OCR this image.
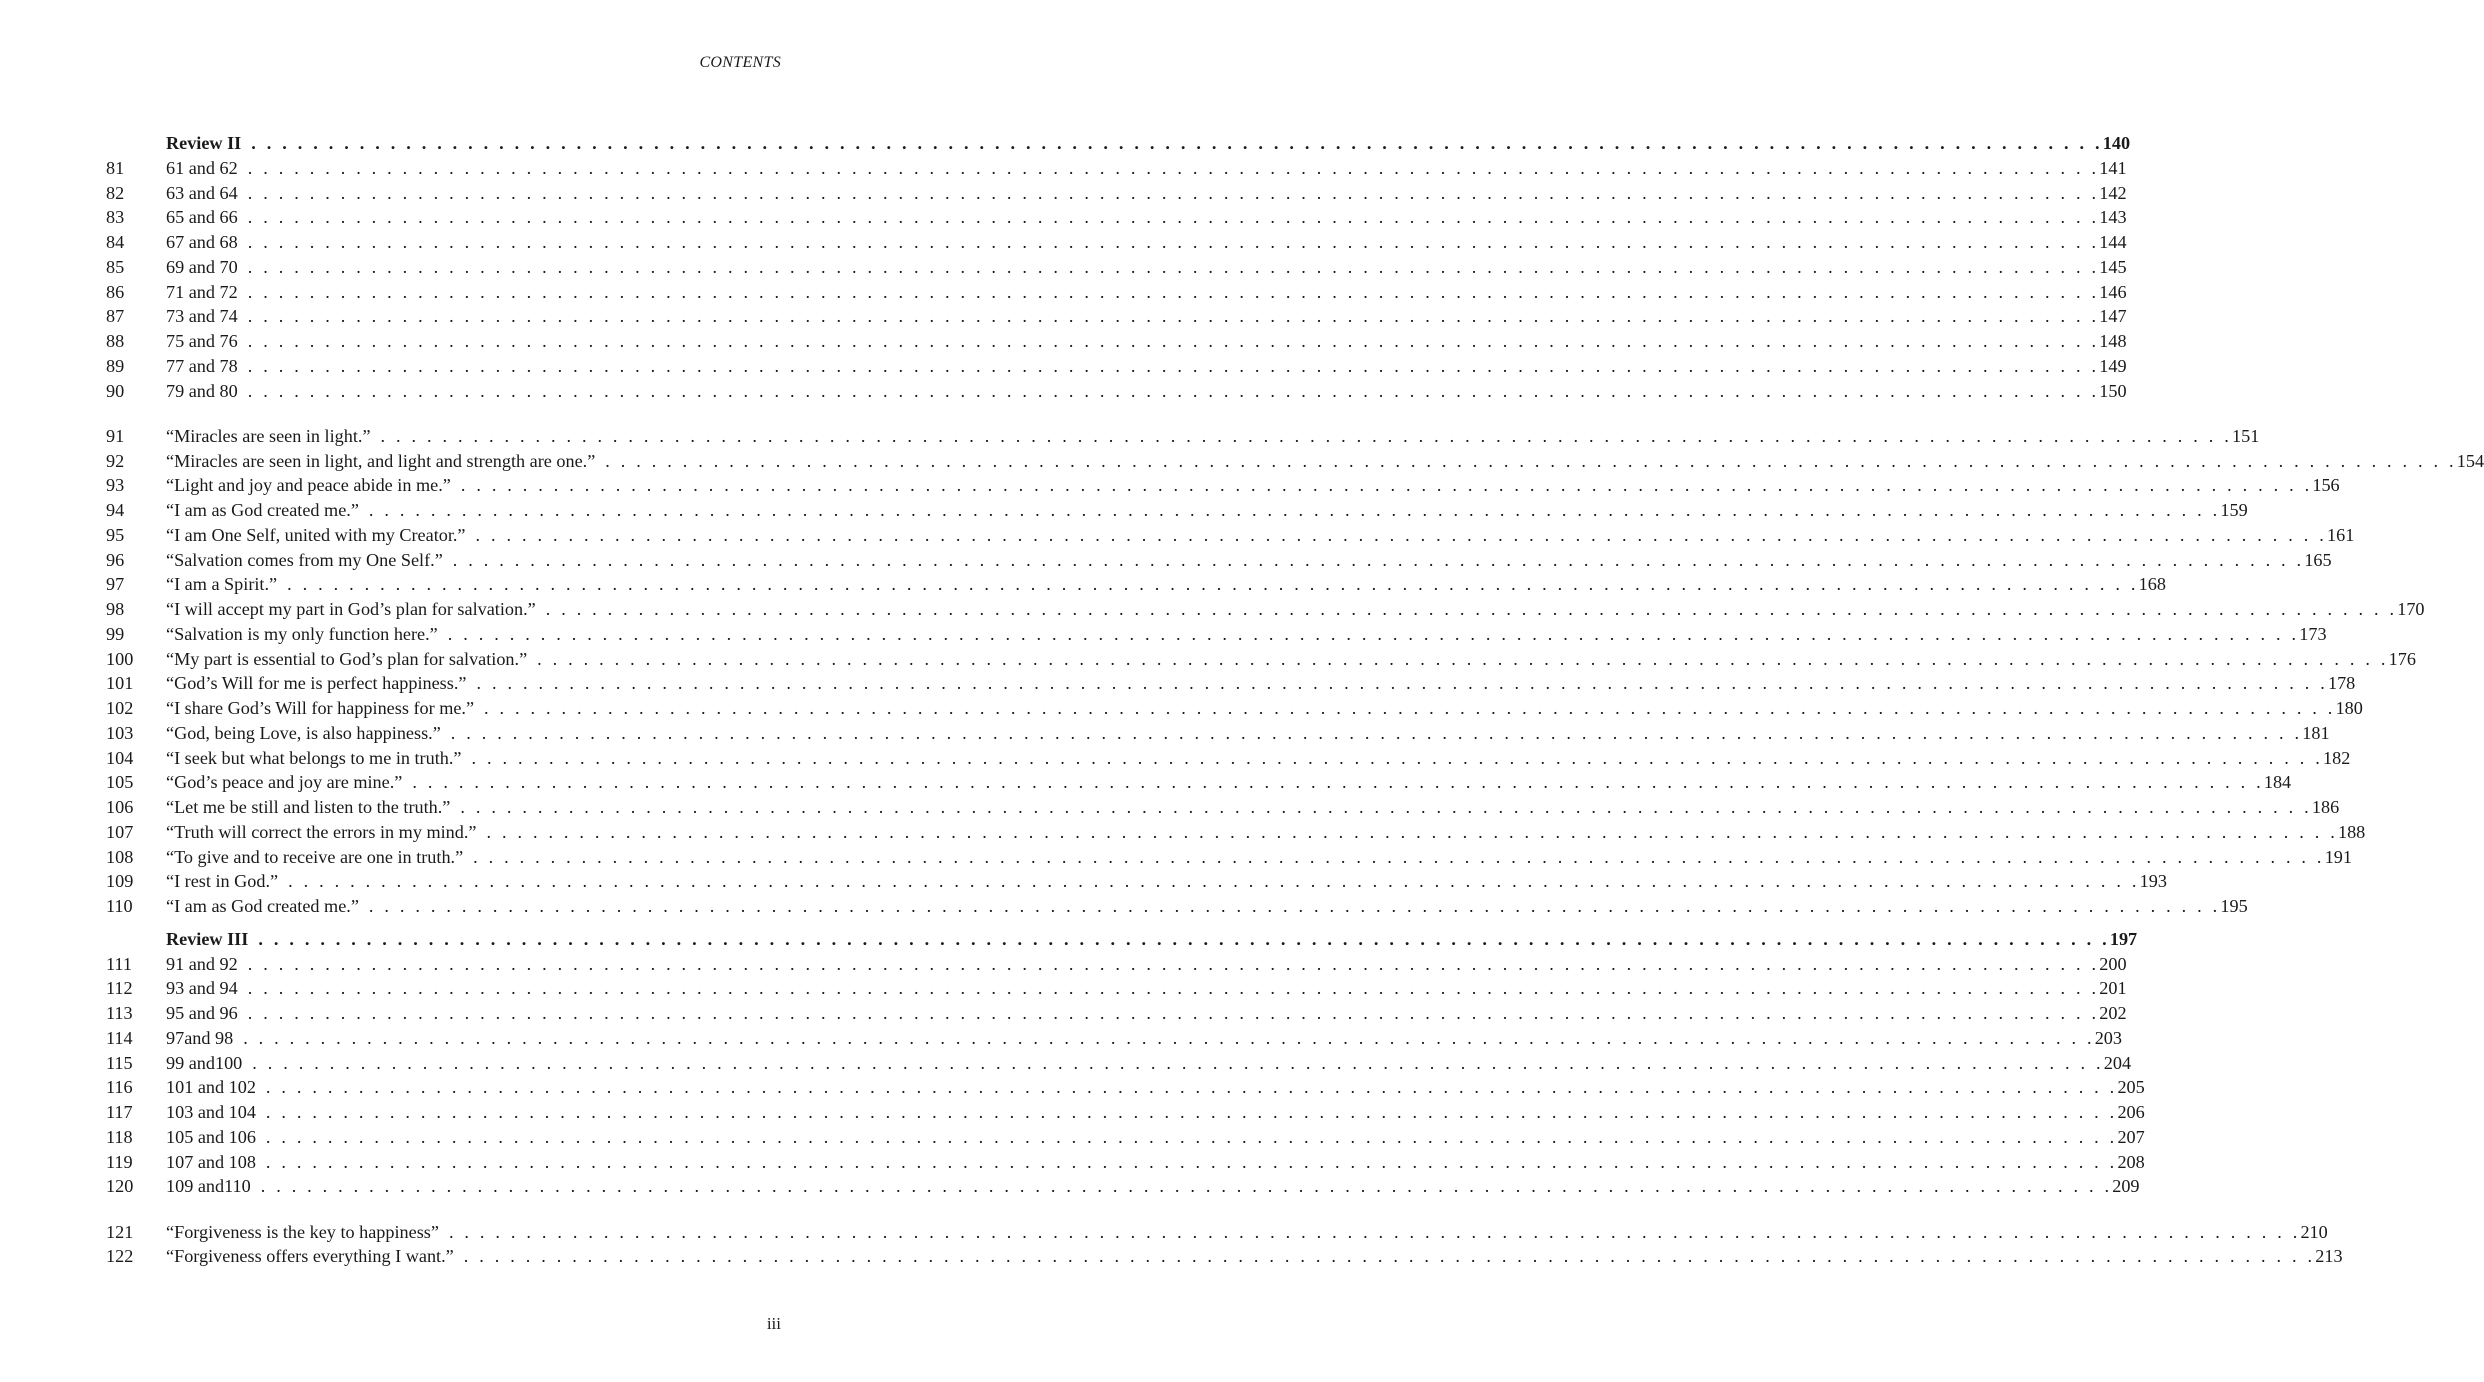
CONTENTS
Review II . . . . . . . . . . . . . . . . . . . . . . . . . . . . . . . . . . . . . . . . . . . . . . . . . . . . . . . . . . . . . . . . . . . . . . . . . . . . . . . . . . . . . . . . . . . . . . . . . . . . . . . . . . . . . . . . . . . . . . . . 140
81	61 and 62 . . . . . . . . . . . . . . . . . . . . . . . . . . . . . . . . . . . . . . . . . . . . . . . . . . . . . . . . . . . . . . . . . . . . . . . . . . . . . . . . . . . . . . . . . . . . . . . . . . . . . . . . . . . . . . . . . . . . . . . . 141
82	63 and 64 . . . . . . . . . . . . . . . . . . . . . . . . . . . . . . . . . . . . . . . . . . . . . . . . . . . . . . . . . . . . . . . . . . . . . . . . . . . . . . . . . . . . . . . . . . . . . . . . . . . . . . . . . . . . . . . . . . . . . . . . 142
83	65 and 66 . . . . . . . . . . . . . . . . . . . . . . . . . . . . . . . . . . . . . . . . . . . . . . . . . . . . . . . . . . . . . . . . . . . . . . . . . . . . . . . . . . . . . . . . . . . . . . . . . . . . . . . . . . . . . . . . . . . . . . . . 143
84	67 and 68 . . . . . . . . . . . . . . . . . . . . . . . . . . . . . . . . . . . . . . . . . . . . . . . . . . . . . . . . . . . . . . . . . . . . . . . . . . . . . . . . . . . . . . . . . . . . . . . . . . . . . . . . . . . . . . . . . . . . . . . . 144
85	69 and 70 . . . . . . . . . . . . . . . . . . . . . . . . . . . . . . . . . . . . . . . . . . . . . . . . . . . . . . . . . . . . . . . . . . . . . . . . . . . . . . . . . . . . . . . . . . . . . . . . . . . . . . . . . . . . . . . . . . . . . . . . 145
86	71 and 72 . . . . . . . . . . . . . . . . . . . . . . . . . . . . . . . . . . . . . . . . . . . . . . . . . . . . . . . . . . . . . . . . . . . . . . . . . . . . . . . . . . . . . . . . . . . . . . . . . . . . . . . . . . . . . . . . . . . . . . . . 146
87	73 and 74 . . . . . . . . . . . . . . . . . . . . . . . . . . . . . . . . . . . . . . . . . . . . . . . . . . . . . . . . . . . . . . . . . . . . . . . . . . . . . . . . . . . . . . . . . . . . . . . . . . . . . . . . . . . . . . . . . . . . . . . . 147
88	75 and 76 . . . . . . . . . . . . . . . . . . . . . . . . . . . . . . . . . . . . . . . . . . . . . . . . . . . . . . . . . . . . . . . . . . . . . . . . . . . . . . . . . . . . . . . . . . . . . . . . . . . . . . . . . . . . . . . . . . . . . . . . 148
89	77 and 78 . . . . . . . . . . . . . . . . . . . . . . . . . . . . . . . . . . . . . . . . . . . . . . . . . . . . . . . . . . . . . . . . . . . . . . . . . . . . . . . . . . . . . . . . . . . . . . . . . . . . . . . . . . . . . . . . . . . . . . . . 149
90	79 and 80 . . . . . . . . . . . . . . . . . . . . . . . . . . . . . . . . . . . . . . . . . . . . . . . . . . . . . . . . . . . . . . . . . . . . . . . . . . . . . . . . . . . . . . . . . . . . . . . . . . . . . . . . . . . . . . . . . . . . . . . . 150
91	“Miracles are seen in light.” . . . . . . . . . . . . . . . . . . . . . . . . . . . . . . . . . . . . . . . . . . . . . . . . . . . . . . . . . . . . . . . . . . . . . . . . . . . . . . . . . . . . . . . . . . . . . . . . . . . . . . . . . . . . . . . . . . . . . . . . 151
92	“Miracles are seen in light, and light and strength are one.” . . . . . . . . . . . . . . . . . . . . . . . . . . . . . . . . . . . . . . . . . . . . . . . . . . . . . . . . . . . . . . . . . . . . . . . . . . . . . . . . . . . . . . . . . . . . . . . . . . . . . . . . . . . . . . . . . . . . . . . . 154
93	“Light and joy and peace abide in me.” . . . . . . . . . . . . . . . . . . . . . . . . . . . . . . . . . . . . . . . . . . . . . . . . . . . . . . . . . . . . . . . . . . . . . . . . . . . . . . . . . . . . . . . . . . . . . . . . . . . . . . . . . . . . . . . . . . . . . . . . 156
94	“I am as God created me.” . . . . . . . . . . . . . . . . . . . . . . . . . . . . . . . . . . . . . . . . . . . . . . . . . . . . . . . . . . . . . . . . . . . . . . . . . . . . . . . . . . . . . . . . . . . . . . . . . . . . . . . . . . . . . . . . . . . . . . . . 159
95	“I am One Self, united with my Creator.” . . . . . . . . . . . . . . . . . . . . . . . . . . . . . . . . . . . . . . . . . . . . . . . . . . . . . . . . . . . . . . . . . . . . . . . . . . . . . . . . . . . . . . . . . . . . . . . . . . . . . . . . . . . . . . . . . . . . . . . . 161
96	“Salvation comes from my One Self.” . . . . . . . . . . . . . . . . . . . . . . . . . . . . . . . . . . . . . . . . . . . . . . . . . . . . . . . . . . . . . . . . . . . . . . . . . . . . . . . . . . . . . . . . . . . . . . . . . . . . . . . . . . . . . . . . . . . . . . . . 165
97	“I am a Spirit.” . . . . . . . . . . . . . . . . . . . . . . . . . . . . . . . . . . . . . . . . . . . . . . . . . . . . . . . . . . . . . . . . . . . . . . . . . . . . . . . . . . . . . . . . . . . . . . . . . . . . . . . . . . . . . . . . . . . . . . . . 168
98	“I will accept my part in God’s plan for salvation.” . . . . . . . . . . . . . . . . . . . . . . . . . . . . . . . . . . . . . . . . . . . . . . . . . . . . . . . . . . . . . . . . . . . . . . . . . . . . . . . . . . . . . . . . . . . . . . . . . . . . . . . . . . . . . . . . . . . . . . . . 170
99	“Salvation is my only function here.” . . . . . . . . . . . . . . . . . . . . . . . . . . . . . . . . . . . . . . . . . . . . . . . . . . . . . . . . . . . . . . . . . . . . . . . . . . . . . . . . . . . . . . . . . . . . . . . . . . . . . . . . . . . . . . . . . . . . . . . . 173
100	“My part is essential to God’s plan for salvation.” . . . . . . . . . . . . . . . . . . . . . . . . . . . . . . . . . . . . . . . . . . . . . . . . . . . . . . . . . . . . . . . . . . . . . . . . . . . . . . . . . . . . . . . . . . . . . . . . . . . . . . . . . . . . . . . . . . . . . . . . 176
101	“God’s Will for me is perfect happiness.” . . . . . . . . . . . . . . . . . . . . . . . . . . . . . . . . . . . . . . . . . . . . . . . . . . . . . . . . . . . . . . . . . . . . . . . . . . . . . . . . . . . . . . . . . . . . . . . . . . . . . . . . . . . . . . . . . . . . . . . . 178
102	“I share God’s Will for happiness for me.” . . . . . . . . . . . . . . . . . . . . . . . . . . . . . . . . . . . . . . . . . . . . . . . . . . . . . . . . . . . . . . . . . . . . . . . . . . . . . . . . . . . . . . . . . . . . . . . . . . . . . . . . . . . . . . . . . . . . . . . . 180
103	“God, being Love, is also happiness.” . . . . . . . . . . . . . . . . . . . . . . . . . . . . . . . . . . . . . . . . . . . . . . . . . . . . . . . . . . . . . . . . . . . . . . . . . . . . . . . . . . . . . . . . . . . . . . . . . . . . . . . . . . . . . . . . . . . . . . . . 181
104	“I seek but what belongs to me in truth.” . . . . . . . . . . . . . . . . . . . . . . . . . . . . . . . . . . . . . . . . . . . . . . . . . . . . . . . . . . . . . . . . . . . . . . . . . . . . . . . . . . . . . . . . . . . . . . . . . . . . . . . . . . . . . . . . . . . . . . . . 182
105	“God’s peace and joy are mine.” . . . . . . . . . . . . . . . . . . . . . . . . . . . . . . . . . . . . . . . . . . . . . . . . . . . . . . . . . . . . . . . . . . . . . . . . . . . . . . . . . . . . . . . . . . . . . . . . . . . . . . . . . . . . . . . . . . . . . . . . 184
106	“Let me be still and listen to the truth.” . . . . . . . . . . . . . . . . . . . . . . . . . . . . . . . . . . . . . . . . . . . . . . . . . . . . . . . . . . . . . . . . . . . . . . . . . . . . . . . . . . . . . . . . . . . . . . . . . . . . . . . . . . . . . . . . . . . . . . . . 186
107	“Truth will correct the errors in my mind.” . . . . . . . . . . . . . . . . . . . . . . . . . . . . . . . . . . . . . . . . . . . . . . . . . . . . . . . . . . . . . . . . . . . . . . . . . . . . . . . . . . . . . . . . . . . . . . . . . . . . . . . . . . . . . . . . . . . . . . . . 188
108	“To give and to receive are one in truth.” . . . . . . . . . . . . . . . . . . . . . . . . . . . . . . . . . . . . . . . . . . . . . . . . . . . . . . . . . . . . . . . . . . . . . . . . . . . . . . . . . . . . . . . . . . . . . . . . . . . . . . . . . . . . . . . . . . . . . . . . 191
109	“I rest in God.” . . . . . . . . . . . . . . . . . . . . . . . . . . . . . . . . . . . . . . . . . . . . . . . . . . . . . . . . . . . . . . . . . . . . . . . . . . . . . . . . . . . . . . . . . . . . . . . . . . . . . . . . . . . . . . . . . . . . . . . . 193
110	“I am as God created me.” . . . . . . . . . . . . . . . . . . . . . . . . . . . . . . . . . . . . . . . . . . . . . . . . . . . . . . . . . . . . . . . . . . . . . . . . . . . . . . . . . . . . . . . . . . . . . . . . . . . . . . . . . . . . . . . . . . . . . . . . 195
Review III . . . . . . . . . . . . . . . . . . . . . . . . . . . . . . . . . . . . . . . . . . . . . . . . . . . . . . . . . . . . . . . . . . . . . . . . . . . . . . . . . . . . . . . . . . . . . . . . . . . . . . . . . . . . . . . . . . . . . . . . 197
111	91 and 92 . . . . . . . . . . . . . . . . . . . . . . . . . . . . . . . . . . . . . . . . . . . . . . . . . . . . . . . . . . . . . . . . . . . . . . . . . . . . . . . . . . . . . . . . . . . . . . . . . . . . . . . . . . . . . . . . . . . . . . . . 200
112	93 and 94 . . . . . . . . . . . . . . . . . . . . . . . . . . . . . . . . . . . . . . . . . . . . . . . . . . . . . . . . . . . . . . . . . . . . . . . . . . . . . . . . . . . . . . . . . . . . . . . . . . . . . . . . . . . . . . . . . . . . . . . . 201
113	95 and 96 . . . . . . . . . . . . . . . . . . . . . . . . . . . . . . . . . . . . . . . . . . . . . . . . . . . . . . . . . . . . . . . . . . . . . . . . . . . . . . . . . . . . . . . . . . . . . . . . . . . . . . . . . . . . . . . . . . . . . . . . 202
114	97and 98 . . . . . . . . . . . . . . . . . . . . . . . . . . . . . . . . . . . . . . . . . . . . . . . . . . . . . . . . . . . . . . . . . . . . . . . . . . . . . . . . . . . . . . . . . . . . . . . . . . . . . . . . . . . . . . . . . . . . . . . . 203
115	99 and100 . . . . . . . . . . . . . . . . . . . . . . . . . . . . . . . . . . . . . . . . . . . . . . . . . . . . . . . . . . . . . . . . . . . . . . . . . . . . . . . . . . . . . . . . . . . . . . . . . . . . . . . . . . . . . . . . . . . . . . . . 204
116	101 and 102 . . . . . . . . . . . . . . . . . . . . . . . . . . . . . . . . . . . . . . . . . . . . . . . . . . . . . . . . . . . . . . . . . . . . . . . . . . . . . . . . . . . . . . . . . . . . . . . . . . . . . . . . . . . . . . . . . . . . . . . . 205
117	103 and 104 . . . . . . . . . . . . . . . . . . . . . . . . . . . . . . . . . . . . . . . . . . . . . . . . . . . . . . . . . . . . . . . . . . . . . . . . . . . . . . . . . . . . . . . . . . . . . . . . . . . . . . . . . . . . . . . . . . . . . . . . 206
118	105 and 106 . . . . . . . . . . . . . . . . . . . . . . . . . . . . . . . . . . . . . . . . . . . . . . . . . . . . . . . . . . . . . . . . . . . . . . . . . . . . . . . . . . . . . . . . . . . . . . . . . . . . . . . . . . . . . . . . . . . . . . . . 207
119	107 and 108 . . . . . . . . . . . . . . . . . . . . . . . . . . . . . . . . . . . . . . . . . . . . . . . . . . . . . . . . . . . . . . . . . . . . . . . . . . . . . . . . . . . . . . . . . . . . . . . . . . . . . . . . . . . . . . . . . . . . . . . . 208
120	109 and110 . . . . . . . . . . . . . . . . . . . . . . . . . . . . . . . . . . . . . . . . . . . . . . . . . . . . . . . . . . . . . . . . . . . . . . . . . . . . . . . . . . . . . . . . . . . . . . . . . . . . . . . . . . . . . . . . . . . . . . . . 209
121	“Forgiveness is the key to happiness” . . . . . . . . . . . . . . . . . . . . . . . . . . . . . . . . . . . . . . . . . . . . . . . . . . . . . . . . . . . . . . . . . . . . . . . . . . . . . . . . . . . . . . . . . . . . . . . . . . . . . . . . . . . . . . . . . . . . . . . . 210
122	“Forgiveness offers everything I want.” . . . . . . . . . . . . . . . . . . . . . . . . . . . . . . . . . . . . . . . . . . . . . . . . . . . . . . . . . . . . . . . . . . . . . . . . . . . . . . . . . . . . . . . . . . . . . . . . . . . . . . . . . . . . . . . . . . . . . . . . 213
iii
